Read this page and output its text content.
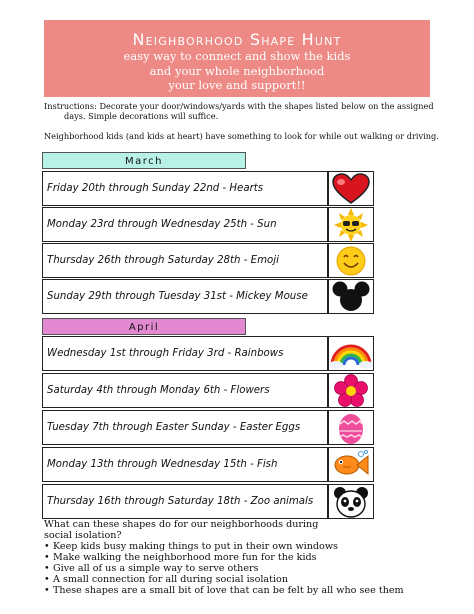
Neighborhood Shape Hunt
easy way to connect and show the kids
and your whole neighborhood
your love and support!!
Instructions: Decorate your door/windows/yards with the shapes listed below on the assigned
days. Simple decorations will suffice.
Neighborhood kids (and kids at heart) have something to look for while out walking or driving.
March
Friday 20th through Sunday 22nd - Hearts
Monday 23rd through Wednesday 25th - Sun
Thursday 26th through Saturday 28th - Emoji
Sunday 29th through Tuesday 31st - Mickey Mouse
April
Wednesday 1st through Friday 3rd - Rainbows
Saturday 4th through Monday 6th - Flowers
Tuesday 7th through Easter Sunday - Easter Eggs
Monday 13th through Wednesday 15th - Fish
Thursday 16th through Saturday 18th - Zoo animals
What can these shapes do for our neighborhoods during
social isolation?
• Keep kids busy making things to put in their own windows
• Make walking the neighborhood more fun for the kids
• Give all of us a simple way to serve others
• A small connection for all during social isolation
• These shapes are a small bit of love that can be felt by all who see them
